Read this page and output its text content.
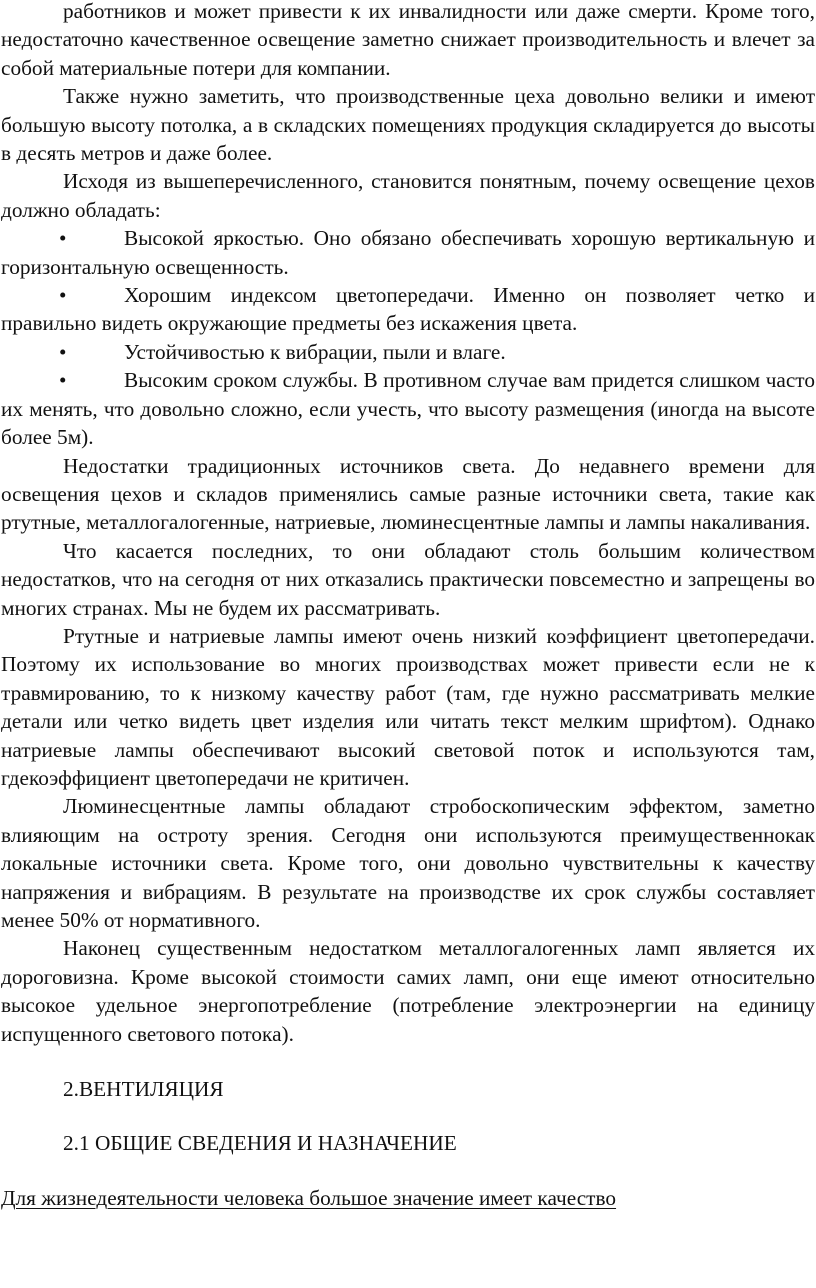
работников и может привести к их инвалидности или даже смерти. Кроме того, недостаточно качественное освещение заметно снижает производительность и влечет за собой материальные потери для компании.

Также нужно заметить, что производственные цеха довольно велики и имеют большую высоту потолка, а в складских помещениях продукция складируется до высоты в десять метров и даже более.

Исходя из вышеперечисленного, становится понятным, почему освещение цехов должно обладать:

•	Высокой яркостью. Оно обязано обеспечивать хорошую вертикальную и горизонтальную освещенность.

•	Хорошим индексом цветопередачи. Именно он позволяет четко и правильно видеть окружающие предметы без искажения цвета.

•	Устойчивостью к вибрации, пыли и влаге.

•	Высоким сроком службы. В противном случае вам придется слишком часто их менять, что довольно сложно, если учесть, что высоту размещения (иногда на высоте более 5м).

Недостатки традиционных источников света. До недавнего времени для освещения цехов и складов применялись самые разные источники света, такие как ртутные, металлогалогенные, натриевые, люминесцентные лампы и лампы накаливания.

Что касается последних, то они обладают столь большим количеством недостатков, что на сегодня от них отказались практически повсеместно и запрещены во многих странах. Мы не будем их рассматривать.

Ртутные и натриевые лампы имеют очень низкий коэффициент цветопередачи. Поэтому их использование во многих производствах может привести если не к травмированию, то к низкому качеству работ (там, где нужно рассматривать мелкие детали или четко видеть цвет изделия или читать текст мелким шрифтом). Однако натриевые лампы обеспечивают высокий световой поток и используются там, гдекоэффициент цветопередачи не критичен.

Люминесцентные лампы обладают стробоскопическим эффектом, заметно влияющим на остроту зрения. Сегодня они используются преимущественнокак локальные источники света. Кроме того, они довольно чувствительны к качеству напряжения и вибрациям. В результате на производстве их срок службы составляет менее 50% от нормативного.

Наконец существенным недостатком металлогалогенных ламп является их дороговизна. Кроме высокой стоимости самих ламп, они еще имеют относительно высокое удельное энергопотребление (потребление электроэнергии на единицу испущенного светового потока).

2.ВЕНТИЛЯЦИЯ

2.1 ОБЩИЕ СВЕДЕНИЯ И НАЗНАЧЕНИЕ

Для жизнедеятельности человека большое значение имеет качество
